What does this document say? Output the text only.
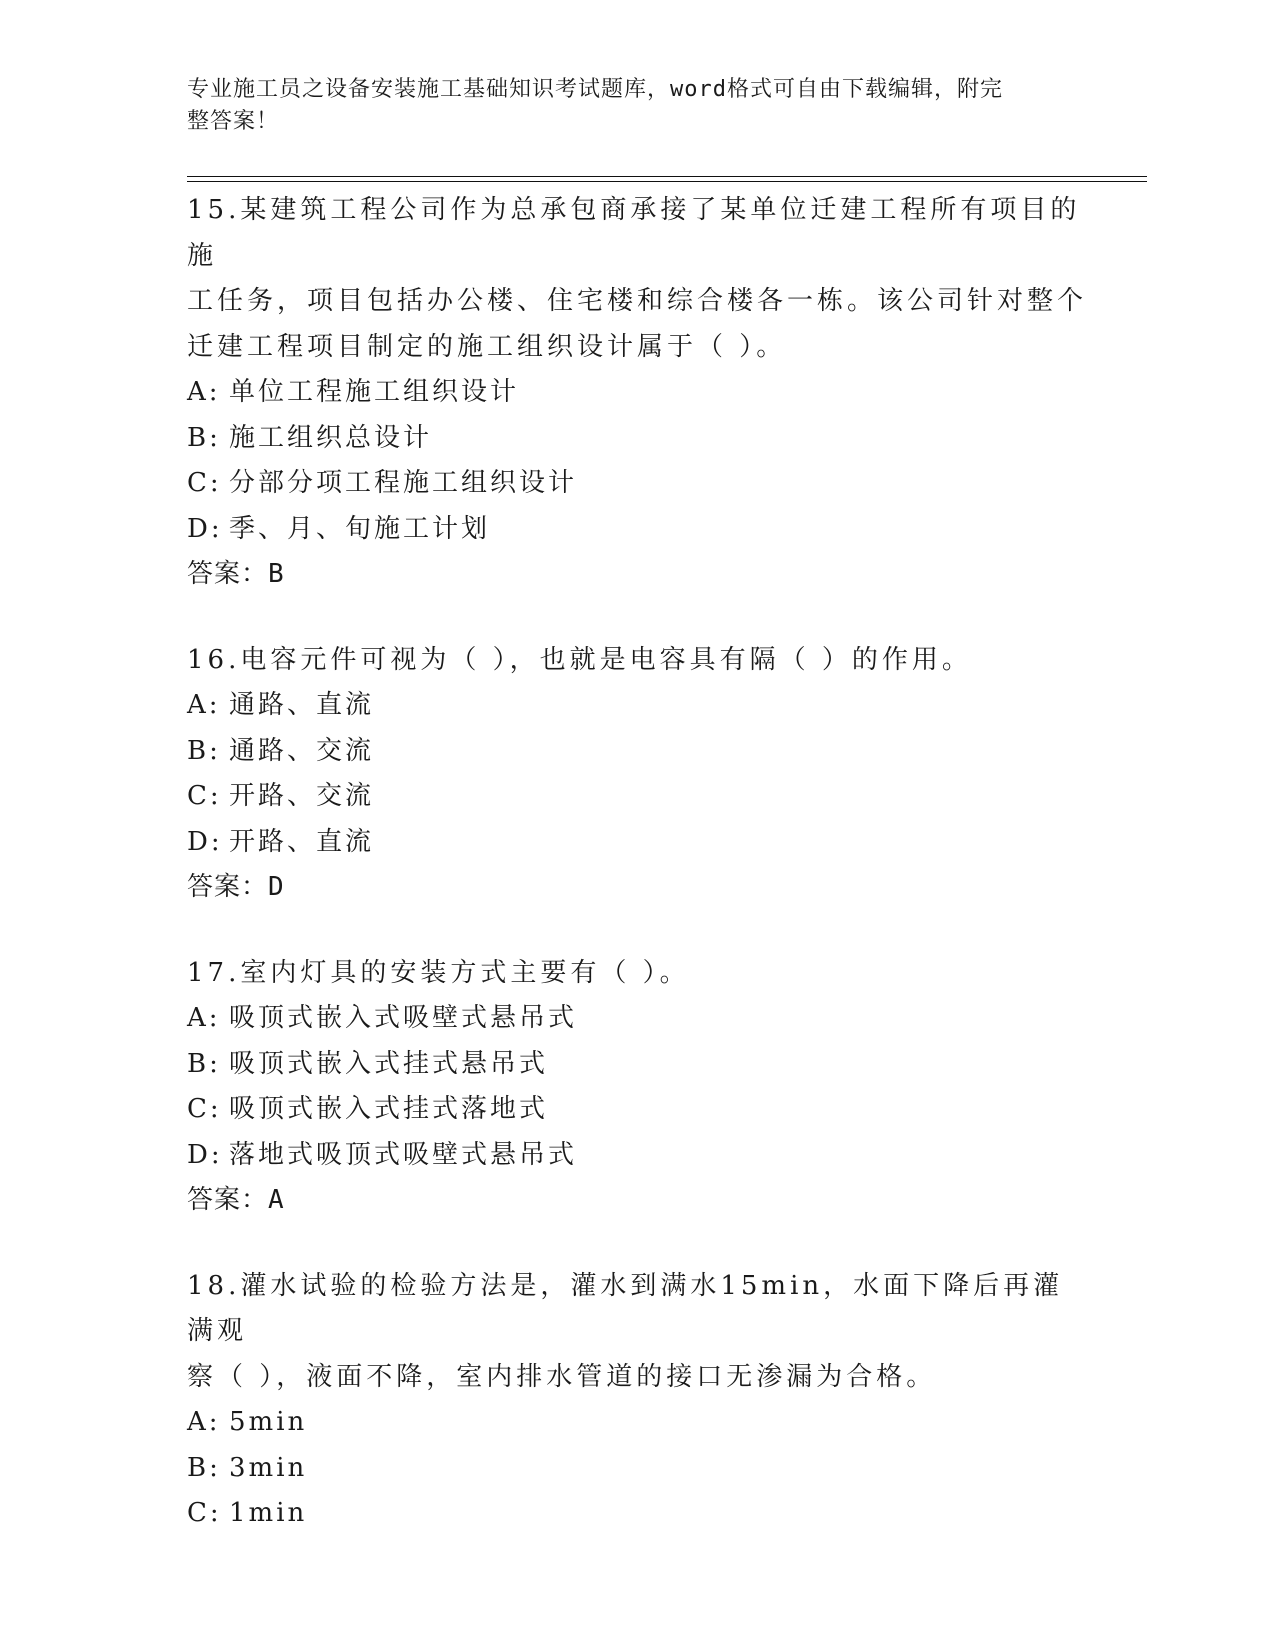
专业施工员之设备安装施工基础知识考试题库，word格式可自由下载编辑，附完
整答案！
15.某建筑工程公司作为总承包商承接了某单位迁建工程所有项目的施
工任务，项目包括办公楼、住宅楼和综合楼各一栋。该公司针对整个
迁建工程项目制定的施工组织设计属于（ ）。
A: 单位工程施工组织设计
B: 施工组织总设计
C: 分部分项工程施工组织设计
D: 季、月、旬施工计划
答案：B
16.电容元件可视为（ ），也就是电容具有隔（ ）的作用。
A: 通路、直流
B: 通路、交流
C: 开路、交流
D: 开路、直流
答案：D
17.室内灯具的安装方式主要有（ ）。
A: 吸顶式嵌入式吸壁式悬吊式
B: 吸顶式嵌入式挂式悬吊式
C: 吸顶式嵌入式挂式落地式
D: 落地式吸顶式吸壁式悬吊式
答案：A
18.灌水试验的检验方法是，灌水到满水15min，水面下降后再灌满观
察（ ），液面不降，室内排水管道的接口无渗漏为合格。
A: 5min
B: 3min
C: 1min
